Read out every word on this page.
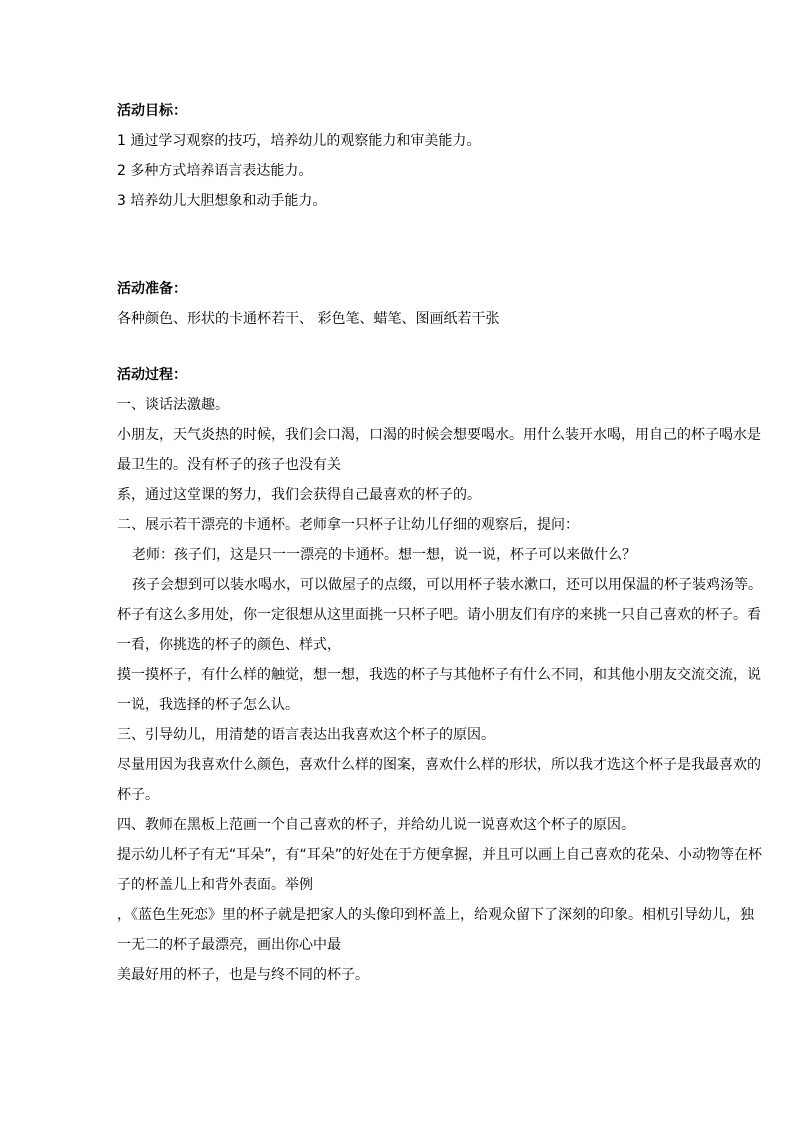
活动目标：
1 通过学习观察的技巧，培养幼儿的观察能力和审美能力。
2 多种方式培养语言表达能力。
3 培养幼儿大胆想象和动手能力。
活动准备：
各种颜色、形状的卡通杯若干、 彩色笔、蜡笔、图画纸若干张
活动过程：
一、谈话法激趣。
小朋友，天气炎热的时候，我们会口渴，口渴的时候会想要喝水。用什么装开水喝，用自己的杯子喝水是
最卫生的。没有杯子的孩子也没有关
系，通过这堂课的努力，我们会获得自己最喜欢的杯子的。
二、展示若干漂亮的卡通杯。老师拿一只杯子让幼儿仔细的观察后，提问：
老师：孩子们，这是只一一漂亮的卡通杯。想一想，说一说，杯子可以来做什么？
孩子会想到可以装水喝水，可以做屋子的点缀，可以用杯子装水漱口，还可以用保温的杯子装鸡汤等。
杯子有这么多用处，你一定很想从这里面挑一只杯子吧。请小朋友们有序的来挑一只自己喜欢的杯子。看
一看，你挑选的杯子的颜色、样式，
摸一摸杯子，有什么样的触觉，想一想，我选的杯子与其他杯子有什么不同，和其他小朋友交流交流，说
一说，我选择的杯子怎么认。
三、引导幼儿，用清楚的语言表达出我喜欢这个杯子的原因。
尽量用因为我喜欢什么颜色，喜欢什么样的图案，喜欢什么样的形状，所以我才选这个杯子是我最喜欢的
杯子。
四、教师在黑板上范画一个自己喜欢的杯子，并给幼儿说一说喜欢这个杯子的原因。
提示幼儿杯子有无“耳朵”，有“耳朵”的好处在于方便拿握，并且可以画上自己喜欢的花朵、小动物等在杯
子的杯盖儿上和背外表面。举例
，《蓝色生死恋》里的杯子就是把家人的头像印到杯盖上，给观众留下了深刻的印象。相机引导幼儿，独
一无二的杯子最漂亮，画出你心中最
美最好用的杯子，也是与终不同的杯子。
